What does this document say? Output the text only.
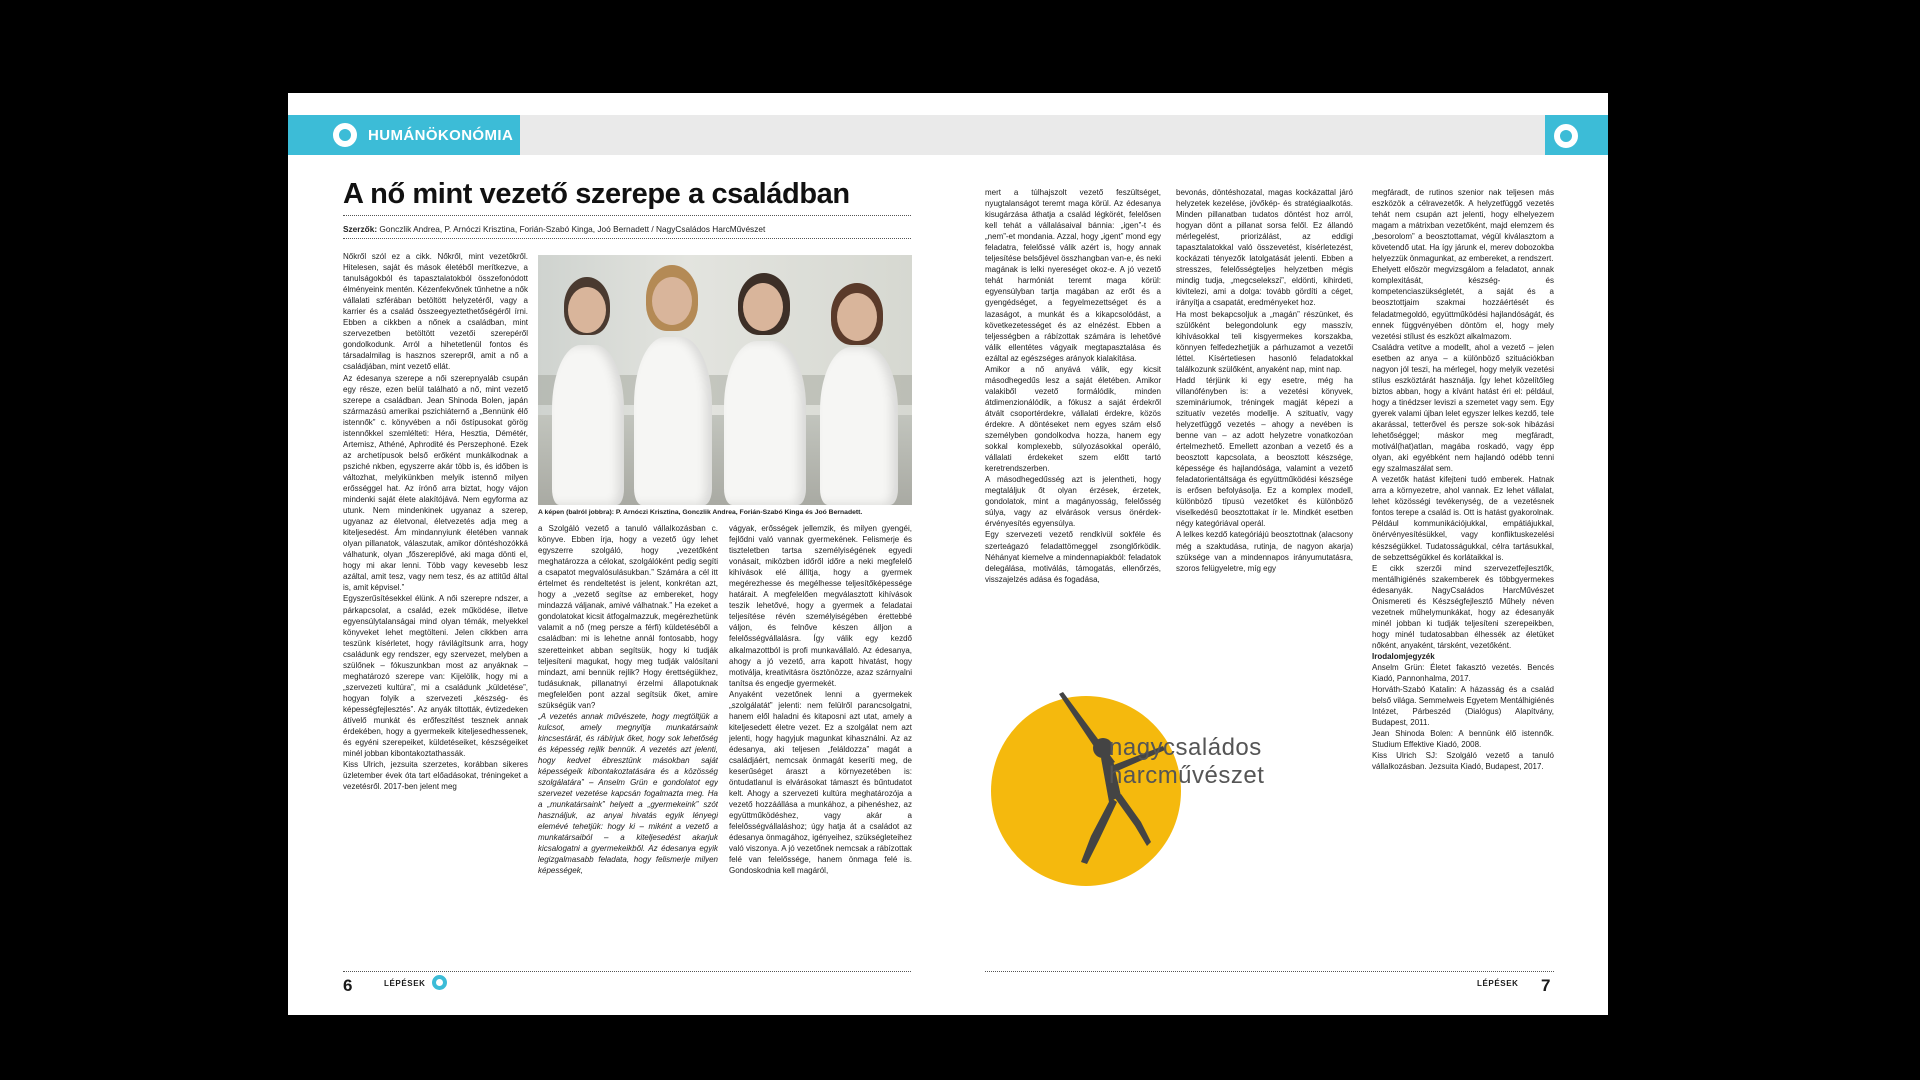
HUMÁNÖKONÓMIA
A nő mint vezető szerepe a családban
Szerzők: Gonczlik Andrea, P. Arnóczi Krisztina, Forián-Szabó Kinga, Joó Bernadett / NagyCsaládos HarcMűvészet

Nőkről szól ez a cikk. Nőkről, mint vezetőkről. Hitelesen, saját és mások életéből merítkezve, a tanulságokból és tapasztalatokból összefonódott élményeink mentén. Kézenfekvőnek tűnhetne a nők vállalati szférában betöltött helyzetéről, vagy a karrier és a család összeegyeztethetőségéről írni. Ebben a cikkben a nőnek a családban, mint szervezetben betöltött vezetői szerepéről gondolkodunk. Arról a hihetetlenül fontos és társadalmilag is hasznos szerepről, amit a nő a családjában, mint vezető ellát.

Az édesanya szerepe a női szerepnyaláb csupán egy része, ezen belül található a nő, mint vezető szerepe a családban. Jean Shinoda Bolen, japán származású amerikai pszichiáternő a „Bennünk élő istennők” c. könyvében a női őstípusokat görög istennőkkel szemlélteti: Héra, Hesztia, Démétér, Artemisz, Athéné, Aphrodité és Perszephoné. Ezek az archetípusok belső erőként munkálkodnak a psziché nkben, egyszerre akár több is, és időben is változhat, melyikünkben melyik istennő milyen erősséggel hat. Az írónő arra biztat, hogy vájon mindenki saját élete alakítójává. Nem egyforma az utunk. Nem mindenkinek ugyanaz a szerep, ugyanaz az életvonal, életvezetés adja meg a kiteljesedést. Ám mindannyiunk életében vannak olyan pillanatok, válaszutak, amikor döntéshozókká válhatunk, olyan „főszereplővé, aki maga dönti el, hogy mi akar lenni. Több vagy kevesebb lesz azáltal, amit tesz, vagy nem tesz, és az attitűd által is, amit képvisel.”

Egyszerűsítésekkel élünk. A női szerepre ndszer, a párkapcsolat, a család, ezek működése, illetve egyensúlytalanságai mind olyan témák, melyekkel könyveket lehet megtölteni. Jelen cikkben arra teszünk kísérletet, hogy rávilágítsunk arra, hogy családunk egy rendszer, egy szervezet, melyben a szülőnek – fókuszunkban most az anyáknak – meghatározó szerepe van: Kijelölik, hogy mi a „szervezeti kultúra”, mi a családunk „küldetése”, hogyan folyik a szervezeti „készség- és képességfejlesztés”. Az anyák tiltották, évtizedeken átívelő munkát és erőfeszítést tesznek annak érdekében, hogy a gyermekeik kiteljesedhessenek, és egyéni szerepeiket, küldetéseiket, készségeiket minél jobban kibontakoztathassák.

Kiss Ulrich, jezsuita szerzetes, korábban sikeres üzletember évek óta tart előadásokat, tréningeket a vezetésről. 2017-ben jelent meg

A képen (balról jobbra): P. Arnóczi Krisztina, Gonczlik Andrea, Forián-Szabó Kinga és Joó Bernadett.

a Szolgáló vezető a tanuló vállalkozásban c. könyve. Ebben írja, hogy a vezető úgy lehet egyszerre szolgáló, hogy „vezetőként meghatározza a célokat, szolgálóként pedig segíti a csapatot megvalósulásukban.” Számára a cél itt értelmet és rendeltetést is jelent, konkrétan azt, hogy a „vezető segítse az embereket, hogy mindazzá váljanak, amivé válhatnak.” Ha ezeket a gondolatokat kicsit átfogalmazzuk, megérezhetünk valamit a nő (meg persze a férfi) küldetéséből a családban: mi is lehetne annál fontosabb, hogy szeretteinket abban segítsük, hogy ki tudják teljesíteni magukat, hogy meg tudják valósítani mindazt, ami bennük rejlik? Hogy érettségükhez, tudásuknak, pillanatnyi érzelmi állapotuknak megfelelően pont azzal segítsük őket, amire szükségük van?

„A vezetés annak művészete, hogy megtöltjük a kulcsot, amely megnyitja munkatársaink kincsestárát, és rábírjuk őket, hogy sok lehetőség és képesség rejlik bennük. A vezetés azt jelenti, hogy kedvet ébresztünk másokban saját képességeik kibontakoztatására és a közösség szolgálatára” – Anselm Grün e gondolatot egy szervezet vezetése kapcsán fogalmazta meg. Ha a „munkatársaink” helyett a „gyermekeink” szót használjuk, az anyai hivatás egyik lényegi elemévé tehetjük: hogy ki – miként a vezető a munkatársaiból – a kiteljesedést akarjuk kicsalogatni a gyermekeikből. Az édesanya egyik legizgalmasabb feladata, hogy felismerje milyen képességek,

vágyak, erősségek jellemzik, és milyen gyengéi, fejlődni való vannak gyermekének. Felismerje és tiszteletben tartsa személyiségének egyedi vonásait, miközben időről időre a neki megfelelő kihívások elé állítja, hogy a gyermek megérezhesse és megélhesse teljesítőképessége határait. A megfelelően megválasztott kihívások teszik lehetővé, hogy a gyermek a feladatai teljesítése révén személyiségében érettebbé váljon, és felnőve készen álljon a felelősségvállalásra. Így válik egy kezdő alkalmazottból is profi munkavállaló. Az édesanya, ahogy a jó vezető, arra kapott hivatást, hogy motiválja, kreativitásra ösztönözze, azaz szárnyalni tanítsa és engedje gyermekét.

Anyaként vezetőnek lenni a gyermekek „szolgálatát” jelenti: nem felülről parancsolgatni, hanem elől haladni és kitaposni azt utat, amely a kiteljesedett életre vezet. Ez a szolgálat nem azt jelenti, hogy hagyjuk magunkat kihasználni. Az az édesanya, aki teljesen „feláldozza” magát a családjáért, nemcsak önmagát keseríti meg, de keserűséget áraszt a környezetében is: öntudatlanul is elvárásokat támaszt és bűntudatot kelt. Ahogy a szervezeti kultúra meghatározója a vezető hozzáállása a munkához, a pihenéshez, az együttműködéshez, vagy akár a felelősségvállaláshoz; úgy hatja át a családot az édesanya önmagához, igényeihez, szükségleteihez való viszonya. A jó vezetőnek nemcsak a rábízottak felé van felelőssége, hanem önmaga felé is. Gondoskodnia kell magáról,

mert a túlhajszolt vezető feszültséget, nyugtalanságot teremt maga körül. Az édesanya kisugárzása áthatja a család légkörét, felelősen kell tehát a vállalásaival bánnia: „igen”-t és „nem”-et mondania. Azzal, hogy „igent” mond egy feladatra, felelőssé válik azért is, hogy annak teljesítése belsőjével összhangban van-e, és neki magának is lelki nyereséget okoz-e. A jó vezető tehát harmóniát teremt maga körül: egyensúlyban tartja magában az erőt és a gyengédséget, a fegyelmezettséget és a lazaságot, a munkát és a kikapcsolódást, a következetességet és az elnézést. Ebben a teljességben a rábízottak számára is lehetővé válik ellentétes vágyaik megtapasztalása és ezáltal az egészséges arányok kialakítása.

Amikor a nő anyává válik, egy kicsit másodhegedűs lesz a saját életében. Amikor valakiből vezető formálódik, minden átdimenzionálódik, a fókusz a saját érdekről átvált csoportérdekre, vállalati érdekre, közös érdekre. A döntéseket nem egyes szám első személyben gondolkodva hozza, hanem egy sokkal komplexebb, súlyozásokkal operáló, vállalati érdekeket szem előtt tartó keretrendszerben.

A másodhegedűsség azt is jelentheti, hogy megtaláljuk őt olyan érzések, érzetek, gondolatok, mint a magányosság, felelősség súlya, vagy az elvárások versus önérdek-érvényesítés egyensúlya.

Egy szervezeti vezető rendkívül sokféle és szerteágazó feladattömeggel zsonglőrködik. Néhányat kiemelve a mindennapiakból: feladatok delegálása, motiválás, támogatás, ellenőrzés, visszajelzés adása és fogadása,

bevonás, döntéshozatal, magas kockázattal járó helyzetek kezelése, jövőkép- és stratégiaalkotás. Minden pillanatban tudatos döntést hoz arról, hogyan dönt a pillanat sorsa felől. Ez állandó mérlegelést, priorizálást, az eddigi tapasztalatokkal való összevetést, kísérletezést, kockázati tényezők latolgatását jelenti. Ebben a stresszes, felelősségteljes helyzetben mégis mindig tudja, „megcselekszi”, eldönti, kihirdeti, kivitelezi, ami a dolga: tovább gördíti a céget, irányítja a csapatát, eredményeket hoz.

Ha most bekapcsoljuk a „magán” részünket, és szülőként belegondolunk egy masszív, kihívásokkal teli kisgyermekes korszakba, könnyen felfedezhetjük a párhuzamot a vezetői léttel. Kísértetiesen hasonló feladatokkal találkozunk szülőként, anyaként nap, mint nap.

Hadd térjünk ki egy esetre, még ha villanófényben is: a vezetési könyvek, szemináriumok, tréningek magját képezi a szituatív vezetés modellje. A szituatív, vagy helyzetfüggő vezetés – ahogy a nevében is benne van – az adott helyzetre vonatkozóan értelmezhető. Emellett azonban a vezető és a beosztott kapcsolata, a beosztott készsége, képessége és hajlandósága, valamint a vezető feladatorientáltsága és együttműködési készsége is erősen befolyásolja. Ez a komplex modell, különböző típusú vezetőket és különböző viselkedésű beosztottakat ír le. Mindkét esetben négy kategóriával operál.

A lelkes kezdő kategóriájú beosztottnak (alacsony még a szaktudása, rutinja, de nagyon akarja) szüksége van a mindennapos irányumutatásra, szoros felügyeletre, míg egy

megfáradt, de rutinos szenior nak teljesen más eszközök a célravezetők. A helyzetfüggő vezetés tehát nem csupán azt jelenti, hogy elhelyezem magam a mátrixban vezetőként, majd elemzem és „besorolom” a beosztottamat, végül kiválasztom a követendő utat. Ha így járunk el, merev dobozokba helyezzük önmagunkat, az embereket, a rendszert.

Ehelyett először megvizsgálom a feladatot, annak komplexitását, készség- és kompetenciaszükségletét, a saját és a beosztottjaim szakmai hozzáértését és feladatmegoldó, együttműködési hajlandóságát, és ennek függvényében döntöm el, hogy mely vezetési stílust és eszközt alkalmazom.

Családra vetítve a modellt, ahol a vezető – jelen esetben az anya – a különböző szituációkban nagyon jól teszi, ha mérlegel, hogy melyik vezetési stílus eszköztárát használja. Így lehet közelítőleg biztos abban, hogy a kívánt hatást éri el: például, hogy a tinédzser leviszi a szemetet vagy sem. Egy gyerek valami újban lelet egyszer lelkes kezdő, tele akarással, tetterővel és persze sok-sok hibázási lehetőséggel; máskor meg megfáradt, motivál(hat)atlan, magába roskadó, vagy épp olyan, aki egyébként nem hajlandó odébb tenni egy szalmaszálat sem.

A vezetők hatást kifejteni tudó emberek. Hatnak arra a környezetre, ahol vannak. Ez lehet vállalat, lehet közösségi tevékenység, de a vezetésnek fontos terepe a család is. Ott is hatást gyakorolnak. Például kommunikációjukkal, empátiájukkal, önérvényesítésükkel, vagy konfliktuskezelési készségükkel. Tudatosságukkal, célra tartásukkal, de sebzettségükkel és korlátaikkal is.

E cikk szerzői mind szervezetfejlesztők, mentálhigiénés szakemberek és többgyermekes édesanyák. NagyCsaládos HarcMűvészet Önismereti és Készségfejlesztő Műhely néven vezetnek műhelymunkákat, hogy az édesanyák minél jobban ki tudják teljesíteni szerepeikben, hogy minél tudatosabban élhessék az életüket nőként, anyaként, társként, vezetőként.

Irodalomjegyzék

Anselm Grün: Életet fakasztó vezetés. Bencés Kiadó, Pannonhalma, 2017.

Horváth-Szabó Katalin: A házasság és a család belső világa. Semmelweis Egyetem Mentálhigiénés Intézet, Párbeszéd (Dialógus) Alapítvány, Budapest, 2011.

Jean Shinoda Bolen: A bennünk élő istennők. Studium Effektive Kiadó, 2008.

Kiss Ulrich SJ: Szolgáló vezető a tanuló vállalkozásban. Jezsuita Kiadó, Budapest, 2017.

nagycsaládos
harcművészet
6	LÉPÉSEK	LÉPÉSEK 7
